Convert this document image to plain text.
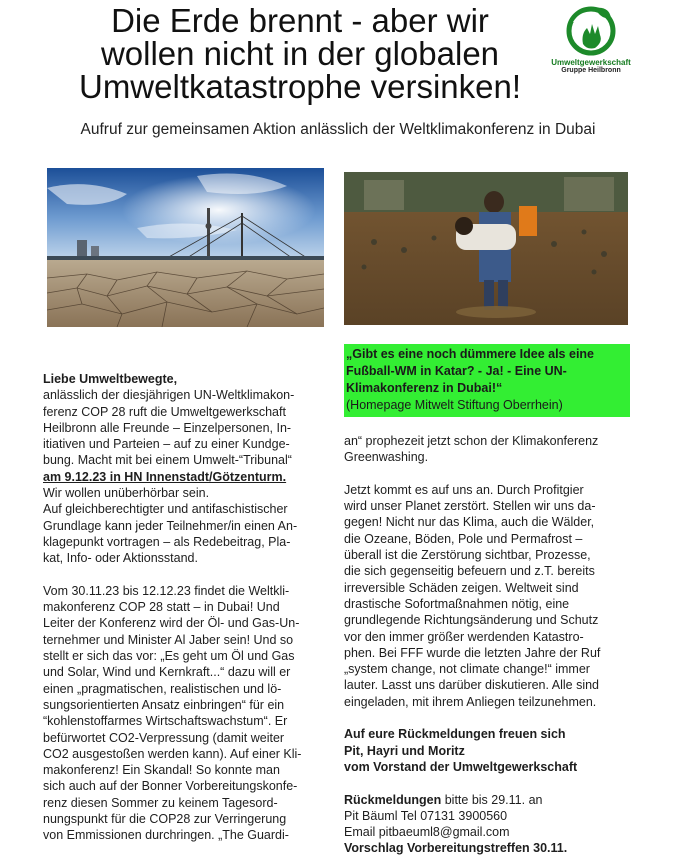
Die Erde brennt - aber wir
wollen nicht in der globalen
Umweltkatastrophe versinken!
Umweltgewerkschaft
Gruppe Heilbronn
Aufruf zur gemeinsamen Aktion anlässlich der Weltklimakonferenz in Dubai
„Gibt es eine noch dümmere Idee als eine
Fußball-WM in Katar? - Ja! - Eine UN-
Klimakonferenz in Dubai!“
(Homepage Mitwelt Stiftung Oberrhein)
Liebe Umweltbewegte,
anlässlich der diesjährigen UN-Weltklimakon-
ferenz COP 28 ruft die Umweltgewerkschaft
Heilbronn alle Freunde – Einzelpersonen, In-
itiativen und Parteien – auf zu einer Kundge-
bung. Macht mit bei einem Umwelt-“Tribunal“
am 9.12.23 in HN Innenstadt/Götzenturm.
Wir wollen unüberhörbar sein.
Auf gleichberechtigter und antifaschistischer
Grundlage kann jeder Teilnehmer/in einen An-
klagepunkt vortragen – als Redebeitrag, Pla-
kat, Info- oder Aktionsstand.
Vom 30.11.23 bis 12.12.23 findet die Weltkli-
makonferenz COP 28 statt – in Dubai! Und
Leiter der Konferenz wird der Öl- und Gas-Un-
ternehmer und Minister Al Jaber sein! Und so
stellt er sich das vor: „Es geht um Öl und Gas
und Solar, Wind und Kernkraft...“ dazu will er
einen „pragmatischen, realistischen und lö-
sungsorientierten Ansatz einbringen“ für ein
“kohlenstoffarmes Wirtschaftswachstum“. Er
befürwortet CO2-Verpressung (damit weiter
CO2 ausgestoßen werden kann). Auf einer Kli-
makonferenz! Ein Skandal! So konnte man
sich auch auf der Bonner Vorbereitungskonfe-
renz diesen Sommer zu keinem Tagesord-
nungspunkt für die COP28 zur Verringerung
von Emmissionen durchringen. „The Guardi-
an“ prophezeit jetzt schon der Klimakonferenz
Greenwashing.
Jetzt kommt es auf uns an. Durch Profitgier
wird unser Planet zerstört. Stellen wir uns da-
gegen! Nicht nur das Klima, auch die Wälder,
die Ozeane, Böden, Pole und Permafrost –
überall ist die Zerstörung sichtbar, Prozesse,
die sich gegenseitig befeuern und z.T. bereits
irreversible Schäden zeigen. Weltweit sind
drastische Sofortmaßnahmen nötig, eine
grundlegende Richtungsänderung und Schutz
vor den immer größer werdenden Katastro-
phen. Bei FFF wurde die letzten Jahre der Ruf
„system change, not climate change!“ immer
lauter. Lasst uns darüber diskutieren. Alle sind
eingeladen, mit ihrem Anliegen teilzunehmen.
Auf eure Rückmeldungen freuen sich
Pit, Hayri und Moritz
vom Vorstand der Umweltgewerkschaft
Rückmeldungen bitte bis 29.11. an
Pit Bäuml Tel 07131 3900560
Email pitbaeuml8@gmail.com
Vorschlag Vorbereitungstreffen 30.11.
